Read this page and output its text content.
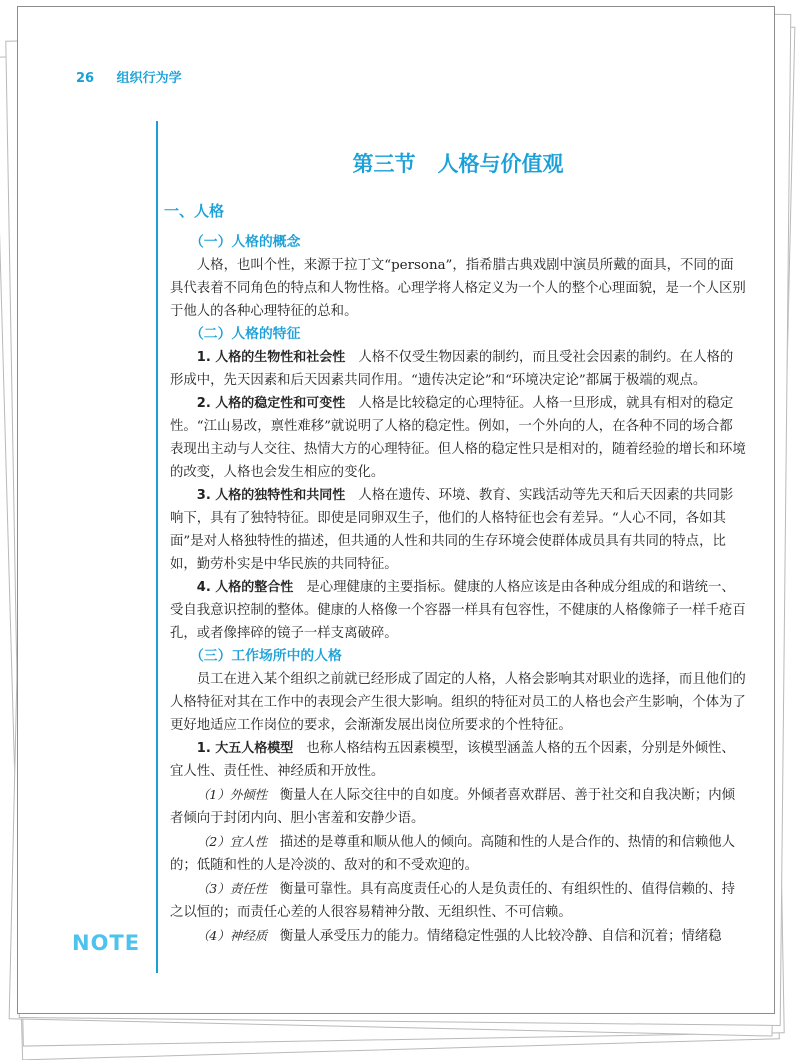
26 组织行为学
NOTE
第三节 人格与价值观
一、人格
（一）人格的概念

人格，也叫个性，来源于拉丁文“persona”，指希腊古典戏剧中演员所戴的面具，不同的面具代表着不同角色的特点和人物性格。心理学将人格定义为一个人的整个心理面貌，是一个人区别于他人的各种心理特征的总和。

（二）人格的特征

1. 人格的生物性和社会性　人格不仅受生物因素的制约，而且受社会因素的制约。在人格的形成中，先天因素和后天因素共同作用。“遗传决定论”和“环境决定论”都属于极端的观点。

2. 人格的稳定性和可变性　人格是比较稳定的心理特征。人格一旦形成，就具有相对的稳定性。“江山易改，禀性难移”就说明了人格的稳定性。例如，一个外向的人，在各种不同的场合都表现出主动与人交往、热情大方的心理特征。但人格的稳定性只是相对的，随着经验的增长和环境的改变，人格也会发生相应的变化。

3. 人格的独特性和共同性　人格在遗传、环境、教育、实践活动等先天和后天因素的共同影响下，具有了独特特征。即使是同卵双生子，他们的人格特征也会有差异。“人心不同，各如其面”是对人格独特性的描述，但共通的人性和共同的生存环境会使群体成员具有共同的特点，比如，勤劳朴实是中华民族的共同特征。

4. 人格的整合性　是心理健康的主要指标。健康的人格应该是由各种成分组成的和谐统一、受自我意识控制的整体。健康的人格像一个容器一样具有包容性，不健康的人格像筛子一样千疮百孔，或者像摔碎的镜子一样支离破碎。

（三）工作场所中的人格

员工在进入某个组织之前就已经形成了固定的人格，人格会影响其对职业的选择，而且他们的人格特征对其在工作中的表现会产生很大影响。组织的特征对员工的人格也会产生影响，个体为了更好地适应工作岗位的要求，会渐渐发展出岗位所要求的个性特征。

1. 大五人格模型　也称人格结构五因素模型，该模型涵盖人格的五个因素，分别是外倾性、宜人性、责任性、神经质和开放性。

（1）外倾性　衡量人在人际交往中的自如度。外倾者喜欢群居、善于社交和自我决断；内倾者倾向于封闭内向、胆小害羞和安静少语。

（2）宜人性　描述的是尊重和顺从他人的倾向。高随和性的人是合作的、热情的和信赖他人的；低随和性的人是冷淡的、敌对的和不受欢迎的。

（3）责任性　衡量可靠性。具有高度责任心的人是负责任的、有组织性的、值得信赖的、持之以恒的；而责任心差的人很容易精神分散、无组织性、不可信赖。

（4）神经质　衡量人承受压力的能力。情绪稳定性强的人比较冷静、自信和沉着；情绪稳
